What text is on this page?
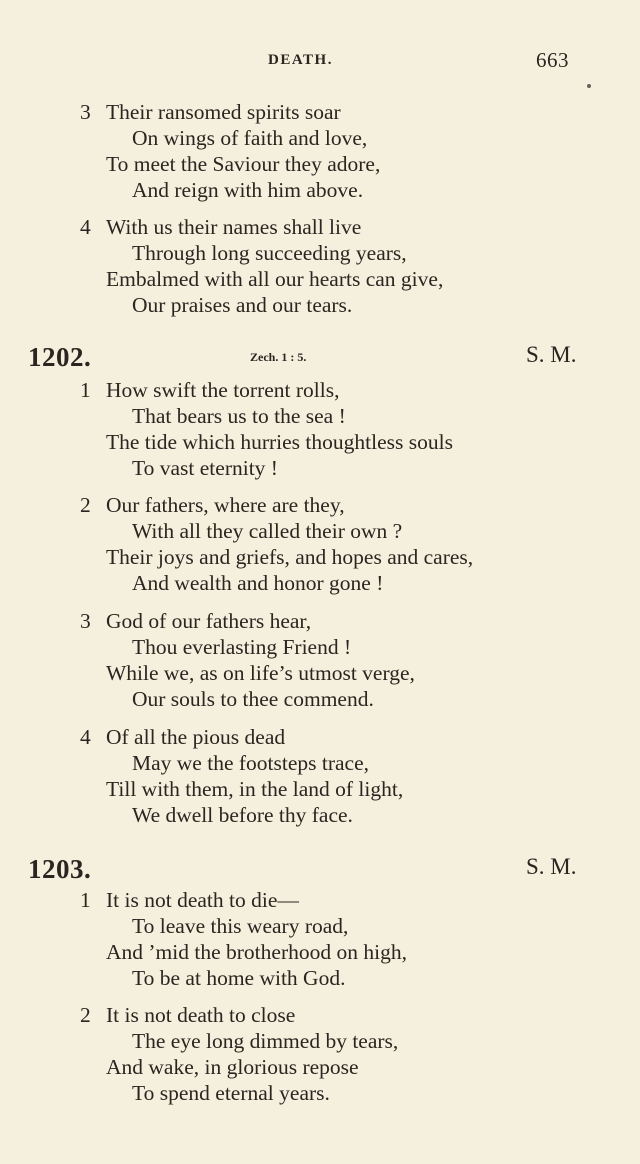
DEATH.	663
3 Their ransomed spirits soar
On wings of faith and love,
To meet the Saviour they adore,
And reign with him above.
4 With us their names shall live
Through long succeeding years,
Embalmed with all our hearts can give,
Our praises and our tears.
1202.	Zech. 1 : 5.	S. M.
1 How swift the torrent rolls,
That bears us to the sea !
The tide which hurries thoughtless souls
To vast eternity !
2 Our fathers, where are they,
With all they called their own ?
Their joys and griefs, and hopes and cares,
And wealth and honor gone !
3 God of our fathers hear,
Thou everlasting Friend !
While we, as on life’s utmost verge,
Our souls to thee commend.
4 Of all the pious dead
May we the footsteps trace,
Till with them, in the land of light,
We dwell before thy face.
1203.	S. M.
1 It is not death to die—
To leave this weary road,
And ’mid the brotherhood on high,
To be at home with God.
2 It is not death to close
The eye long dimmed by tears,
And wake, in glorious repose
To spend eternal years.
